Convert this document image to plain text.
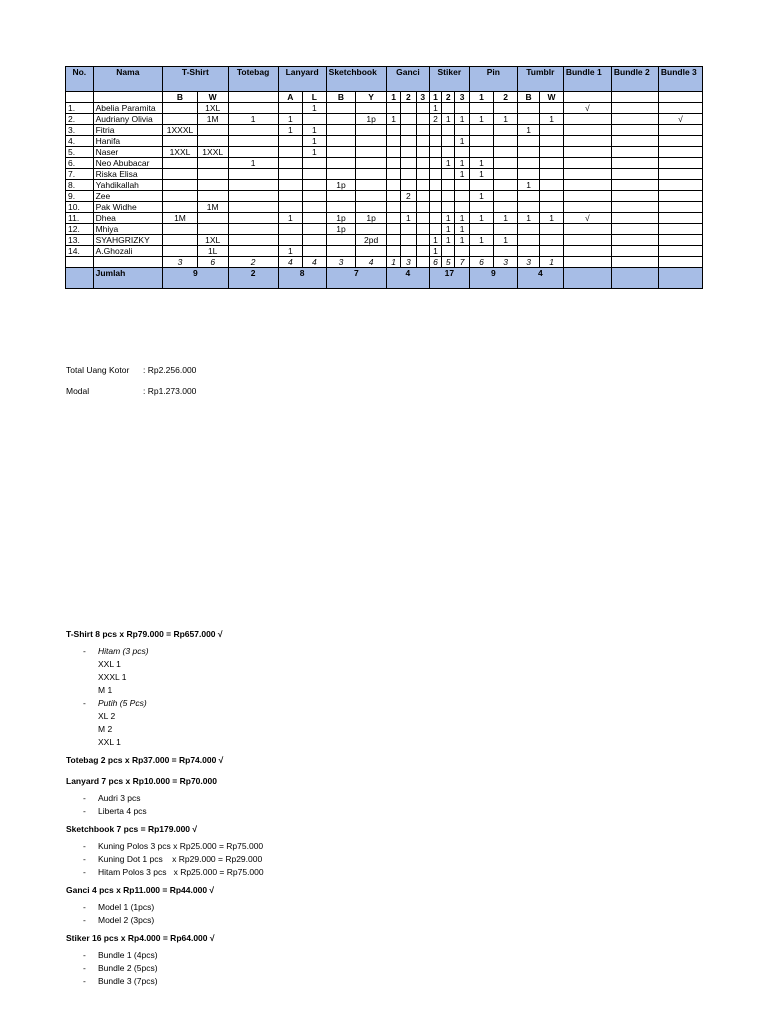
No.	Nama	T-Shirt		Totebag	Lanyard		Sketchbook		Ganci			Stiker			Pin		Tumblr		Bundle 1	Bundle 2	Bundle 3
		B	W		A	L	B	Y	1	2	3	1	2	3	1	2	B	W			
1.	Abelia Paramita		1XL			1						1							√		
2.	Audriany Olivia		1M	1	1			1p	1			2	1	1	1	1		1			√
3.	Fitria	1XXXL			1	1											1				
4.	Hanifa					1								1							
5.	Naser	1XXL	1XXL			1															
6.	Neo Abubacar			1									1	1	1						
7.	Riska Elisa													1	1						
8.	Yahdikallah						1p										1				
9.	Zee									2					1						
10.	Pak Widhe		1M																		
11.	Dhea	1M			1		1p	1p		1			1	1	1	1	1	1	√		
12.	Mhiya						1p						1	1							
13.	SYAHGRIZKY		1XL					2pd				1	1	1	1	1					
14.	A.Ghozali		1L		1							1									
		3	6	2	4	4	3	4	1	3		6	5	7	6	3	3	1			
	Jumlah	9		2	8		7		4			17			9		4				
Total Uang Kotor : Rp2.256.000
Modal	: Rp1.273.000

T-Shirt 8 pcs x Rp79.000 = Rp657.000 √

- Hitam (3 pcs)
XXL 1
XXXL 1
M 1
- Putih (5 Pcs)
XL 2
M 2
XXL 1

Totebag 2 pcs x Rp37.000 = Rp74.000 √

Lanyard 7 pcs x Rp10.000 = Rp70.000

- Audri 3 pcs
- Liberta 4 pcs

Sketchbook 7 pcs = Rp179.000 √

- Kuning Polos 3 pcs x Rp25.000 = Rp75.000
- Kuning Dot 1 pcs    x Rp29.000 = Rp29.000
- Hitam Polos 3 pcs   x Rp25.000 = Rp75.000

Ganci 4 pcs x Rp11.000 = Rp44.000 √

- Model 1 (1pcs)
- Model 2 (3pcs)

Stiker 16 pcs x Rp4.000 = Rp64.000 √

- Bundle 1 (4pcs)
- Bundle 2 (5pcs)
- Bundle 3 (7pcs)
